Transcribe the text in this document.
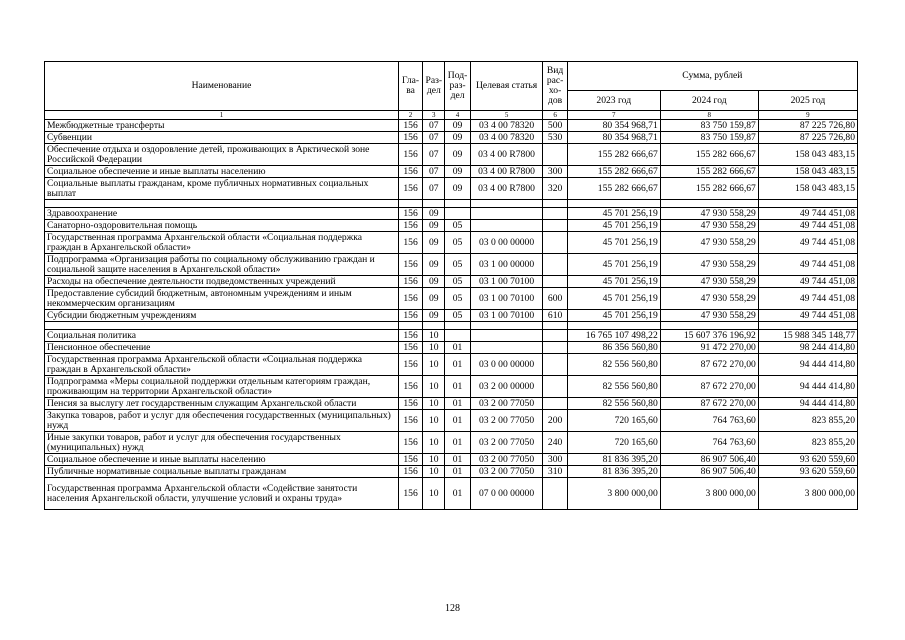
Наименование	Гла-ва	Раз-дел	Под-раз-дел	Целевая статья	Вид рас-хо-дов	Сумма, рублей		
						2023 год	2024 год	2025 год
1	2	3	4	5	6	7	8	9
Межбюджетные трансферты	156	07	09	03 4 00 78320	500	80 354 968,71	83 750 159,87	87 225 726,80
Субвенции	156	07	09	03 4 00 78320	530	80 354 968,71	83 750 159,87	87 225 726,80
Обеспечение отдыха и оздоровление детей, проживающих в Арктической зоне Российской Федерации	156	07	09	03 4 00 R7800		155 282 666,67	155 282 666,67	158 043 483,15
Социальное обеспечение и иные выплаты населению	156	07	09	03 4 00 R7800	300	155 282 666,67	155 282 666,67	158 043 483,15
Социальные выплаты гражданам, кроме публичных нормативных социальных выплат	156	07	09	03 4 00 R7800	320	155 282 666,67	155 282 666,67	158 043 483,15

Здравоохранение	156	09				45 701 256,19	47 930 558,29	49 744 451,08
Санаторно-оздоровительная помощь	156	09	05			45 701 256,19	47 930 558,29	49 744 451,08
Государственная программа Архангельской области «Социальная поддержка граждан в Архангельской области»	156	09	05	03 0 00 00000		45 701 256,19	47 930 558,29	49 744 451,08
Подпрограмма «Организация работы по социальному обслуживанию граждан и социальной защите населения в Архангельской области»	156	09	05	03 1 00 00000		45 701 256,19	47 930 558,29	49 744 451,08
Расходы на обеспечение деятельности подведомственных учреждений	156	09	05	03 1 00 70100		45 701 256,19	47 930 558,29	49 744 451,08
Предоставление субсидий бюджетным, автономным учреждениям и иным некоммерческим организациям	156	09	05	03 1 00 70100	600	45 701 256,19	47 930 558,29	49 744 451,08
Субсидии бюджетным учреждениям	156	09	05	03 1 00 70100	610	45 701 256,19	47 930 558,29	49 744 451,08

Социальная политика	156	10				16 765 107 498,22	15 607 376 196,92	15 988 345 148,77
Пенсионное обеспечение	156	10	01			86 356 560,80	91 472 270,00	98 244 414,80
Государственная программа Архангельской области «Социальная поддержка граждан в Архангельской области»	156	10	01	03 0 00 00000		82 556 560,80	87 672 270,00	94 444 414,80
Подпрограмма «Меры социальной поддержки отдельным категориям граждан, проживающим на территории Архангельской области»	156	10	01	03 2 00 00000		82 556 560,80	87 672 270,00	94 444 414,80
Пенсия за выслугу лет государственным служащим Архангельской области	156	10	01	03 2 00 77050		82 556 560,80	87 672 270,00	94 444 414,80
Закупка товаров, работ и услуг для обеспечения государственных (муниципальных) нужд	156	10	01	03 2 00 77050	200	720 165,60	764 763,60	823 855,20
Иные закупки товаров, работ и услуг для обеспечения государственных (муниципальных) нужд	156	10	01	03 2 00 77050	240	720 165,60	764 763,60	823 855,20
Социальное обеспечение и иные выплаты населению	156	10	01	03 2 00 77050	300	81 836 395,20	86 907 506,40	93 620 559,60
Публичные нормативные социальные выплаты гражданам	156	10	01	03 2 00 77050	310	81 836 395,20	86 907 506,40	93 620 559,60
Государственная программа Архангельской области «Содействие занятости населения Архангельской области, улучшение условий и охраны труда»	156	10	01	07 0 00 00000		3 800 000,00	3 800 000,00	3 800 000,00
128
